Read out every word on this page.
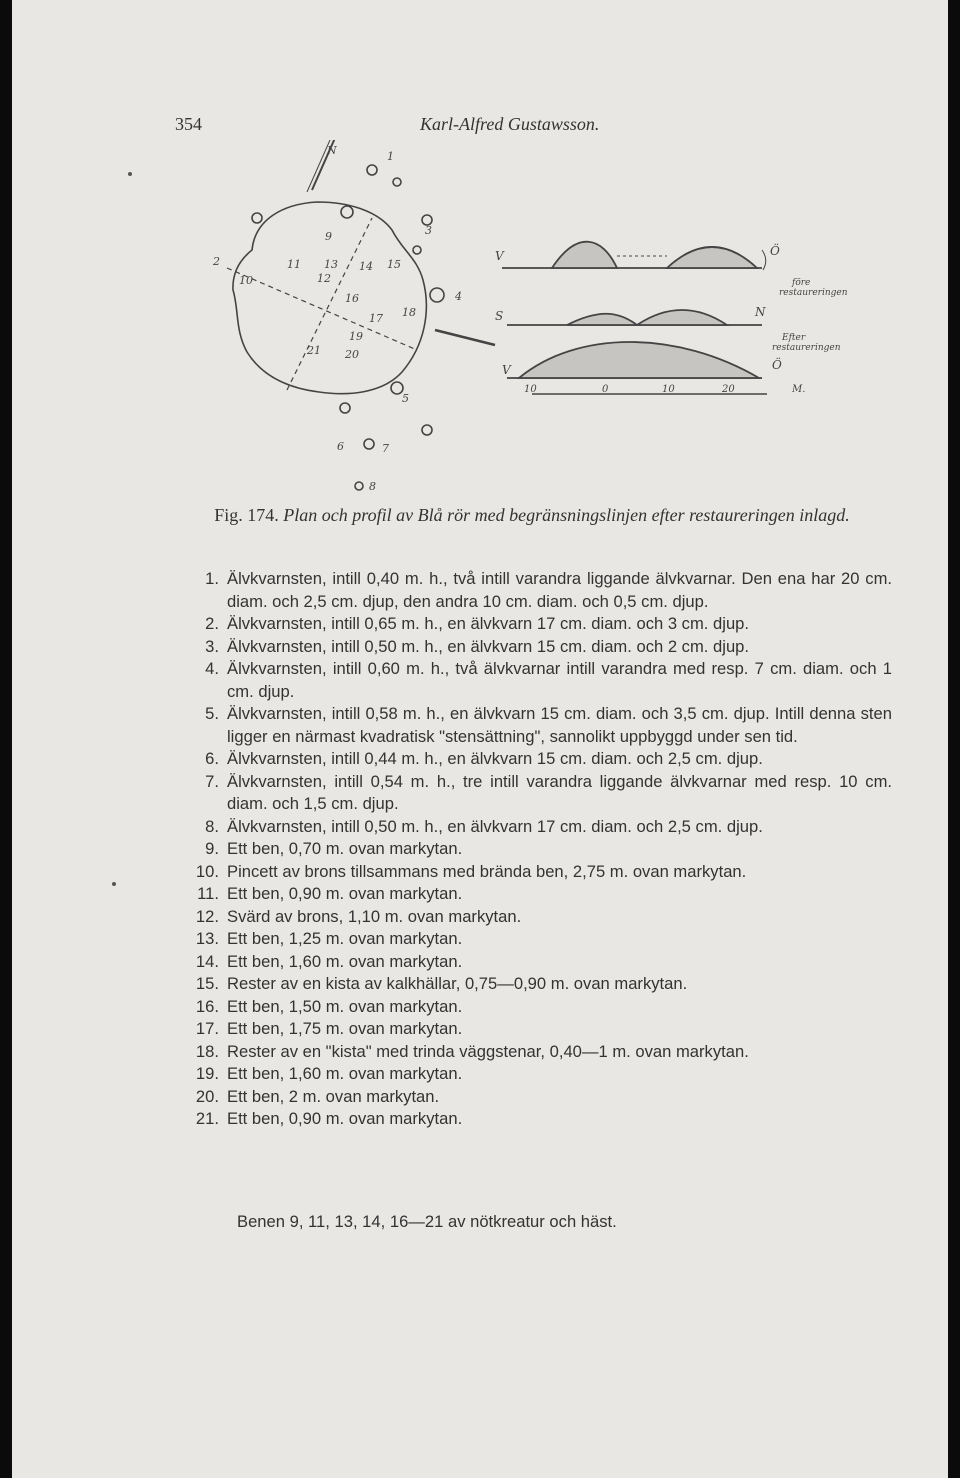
354	Karl-Alfred Gustawsson.
N	1
2
3
4
5
6	7
8
11
12
13 14 15
16
17 18
19
20
21
9
10
V
S
V
Ö
N
Ö
före
restaureringen
Efter
restaureringen
10	0	10	20	M.
Fig. 174. Plan och profil av Blå rör med begränsningslinjen efter restaureringen inlagd.
1. Älvkvarnsten, intill 0,40 m. h., två intill varandra liggande älvkvarnar. Den ena har 20 cm. diam. och 2,5 cm. djup, den andra 10 cm. diam. och 0,5 cm. djup.
2. Älvkvarnsten, intill 0,65 m. h., en älvkvarn 17 cm. diam. och 3 cm. djup.
3. Älvkvarnsten, intill 0,50 m. h., en älvkvarn 15 cm. diam. och 2 cm. djup.
4. Älvkvarnsten, intill 0,60 m. h., två älvkvarnar intill varandra med resp. 7 cm. diam. och 1 cm. djup.
5. Älvkvarnsten, intill 0,58 m. h., en älvkvarn 15 cm. diam. och 3,5 cm. djup. Intill denna sten ligger en närmast kvadratisk "stensättning", sannolikt uppbyggd under sen tid.
6. Älvkvarnsten, intill 0,44 m. h., en älvkvarn 15 cm. diam. och 2,5 cm. djup.
7. Älvkvarnsten, intill 0,54 m. h., tre intill varandra liggande älvkvarnar med resp. 10 cm. diam. och 1,5 cm. djup.
8. Älvkvarnsten, intill 0,50 m. h., en älvkvarn 17 cm. diam. och 2,5 cm. djup.
9. Ett ben, 0,70 m. ovan markytan.
10. Pincett av brons tillsammans med brända ben, 2,75 m. ovan markytan.
11. Ett ben, 0,90 m. ovan markytan.
12. Svärd av brons, 1,10 m. ovan markytan.
13. Ett ben, 1,25 m. ovan markytan.
14. Ett ben, 1,60 m. ovan markytan.
15. Rester av en kista av kalkhällar, 0,75—0,90 m. ovan markytan.
16. Ett ben, 1,50 m. ovan markytan.
17. Ett ben, 1,75 m. ovan markytan.
18. Rester av en "kista" med trinda väggstenar, 0,40—1 m. ovan markytan.
19. Ett ben, 1,60 m. ovan markytan.
20. Ett ben, 2 m. ovan markytan.
21. Ett ben, 0,90 m. ovan markytan.
Benen 9, 11, 13, 14, 16—21 av nötkreatur och häst.
